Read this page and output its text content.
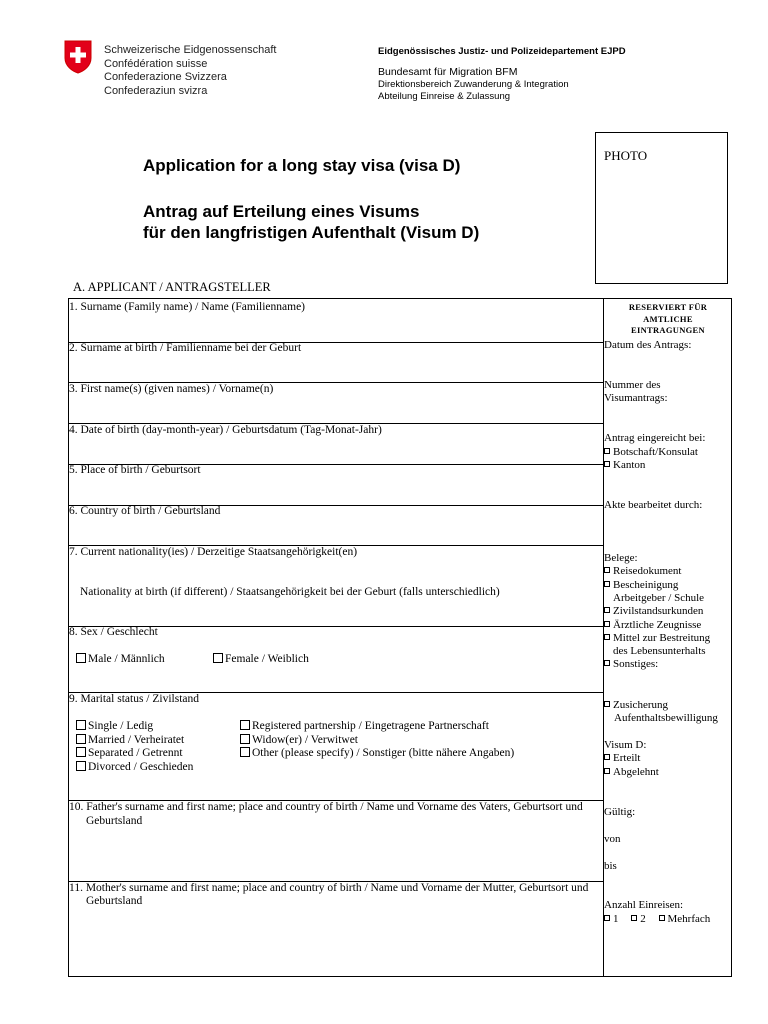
Schweizerische Eidgenossenschaft
Confédération suisse
Confederazione Svizzera
Confederaziun svizra
Eidgenössisches Justiz- und Polizeidepartement EJPD
Bundesamt für Migration BFM
Direktionsbereich Zuwanderung & Integration
Abteilung Einreise & Zulassung
PHOTO
Application for a long stay visa (visa D)
Antrag auf Erteilung eines Visums
für den langfristigen Aufenthalt (Visum D)
A. APPLICANT / ANTRAGSTELLER
1. Surname (Family name) / Name (Familienname)
2. Surname at birth / Familienname bei der Geburt
3. First name(s) (given names) / Vorname(n)
4. Date of birth (day-month-year) / Geburtsdatum (Tag-Monat-Jahr)
5. Place of birth / Geburtsort
6. Country of birth / Geburtsland
7. Current nationality(ies) / Derzeitige Staatsangehörigkeit(en)
Nationality at birth (if different) / Staatsangehörigkeit bei der Geburt (falls unterschiedlich)
8. Sex / Geschlecht
Male / Männlich	Female / Weiblich
9. Marital status / Zivilstand
Single / Ledig
Married / Verheiratet
Separated / Getrennt
Divorced / Geschieden
Registered partnership / Eingetragene Partnerschaft
Widow(er) / Verwitwet
Other (please specify) / Sonstiger (bitte nähere Angaben)
10. Father's surname and first name; place and country of birth / Name und Vorname des Vaters, Geburtsort und
Geburtsland
11. Mother's surname and first name; place and country of birth / Name und Vorname der Mutter, Geburtsort und
Geburtsland
RESERVIERT FÜR AMTLICHE
EINTRAGUNGEN
Datum des Antrags:
Nummer des
Visumantrags:
Antrag eingereicht bei:
Botschaft/Konsulat
Kanton
Akte bearbeitet durch:
Belege:
Reisedokument
Bescheinigung
Arbeitgeber / Schule
Zivilstandsurkunden
Ärztliche Zeugnisse
Mittel zur Bestreitung
des Lebensunterhalts
Sonstiges:
Zusicherung
Aufenthaltsbewilligung
Visum D:
Erteilt
Abgelehnt
Gültig:
von
bis
Anzahl Einreisen:
1 2 Mehrfach
